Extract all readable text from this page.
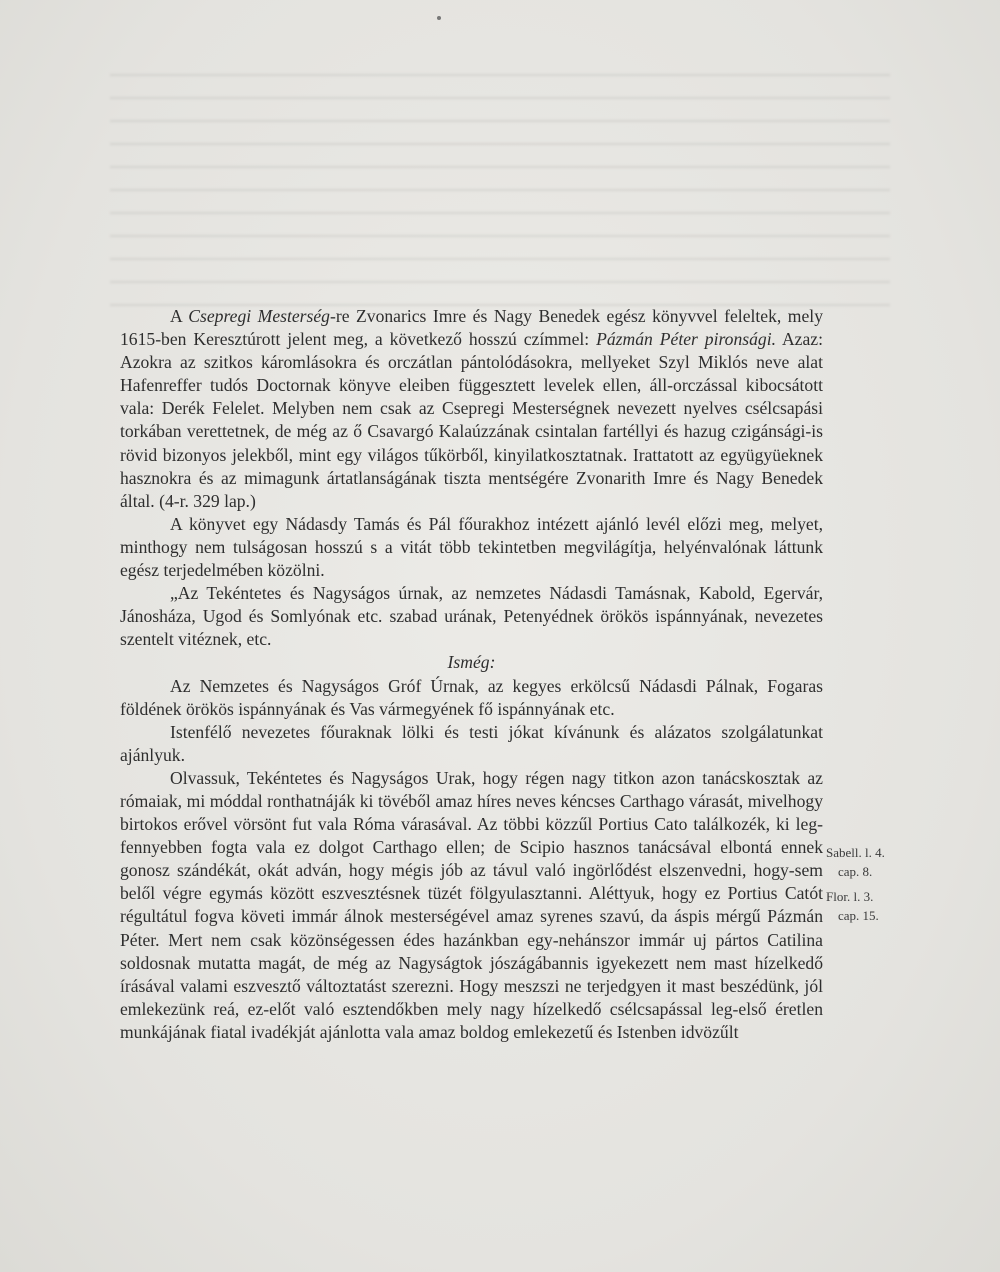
A Csepregi Mesterség-re Zvonarics Imre és Nagy Benedek egész könyvvel feleltek, mely 1615-ben Keresztúrott jelent meg, a következő hosszú czímmel: Pázmán Péter pironsági. Azaz: Azokra az szitkos káromlásokra és orczátlan pántolódásokra, mellyeket Szyl Miklós neve alat Hafenreffer tudós Doctornak könyve eleiben függesztett levelek ellen, áll-orczással kibocsátott vala: Derék Felelet. Melyben nem csak az Csepregi Mesterségnek nevezett nyelves csélcsapási torkában verettetnek, de még az ő Csavargó Kalaúzzának csintalan fartéllyi és hazug czigánsági-is rövid bizonyos jelekből, mint egy világos tűkörből, kinyilatkosztatnak. Irattatott az együgyüeknek hasznokra és az mimagunk ártatlanságának tiszta mentségére Zvonarith Imre és Nagy Benedek által. (4-r. 329 lap.)

A könyvet egy Nádasdy Tamás és Pál főurakhoz intézett ajánló levél előzi meg, melyet, minthogy nem tulságosan hosszú s a vitát több tekintetben megvilágítja, helyénvalónak láttunk egész terjedelmében közölni.

„Az Tekéntetes és Nagyságos úrnak, az nemzetes Nádasdi Tamásnak, Kabold, Egervár, Jánosháza, Ugod és Somlyónak etc. szabad urának, Petenyédnek örökös ispánnyának, nevezetes szentelt vitéznek, etc.

Ismég:

Az Nemzetes és Nagyságos Gróf Úrnak, az kegyes erkölcsű Nádasdi Pálnak, Fogaras földének örökös ispánnyának és Vas vármegyének fő ispánnyának etc.

Istenfélő nevezetes főuraknak lölki és testi jókat kívánunk és alázatos szolgálatunkat ajánlyuk.

Olvassuk, Tekéntetes és Nagyságos Urak, hogy régen nagy titkon azon tanácskosztak az rómaiak, mi móddal ronthatnáják ki tövéből amaz híres neves kéncses Carthago várasát, mivelhogy birtokos erővel vörsönt fut vala Róma várasával. Az többi közzűl Portius Cato találkozék, ki leg-fennyebben fogta vala ez dolgot Carthago ellen; de Scipio hasznos tanácsával elbontá ennek gonosz szándékát, okát adván, hogy mégis jób az távul való ingörlődést elszenvedni, hogy-sem belől végre egymás között eszvesztésnek tüzét fölgyulasztanni. Aléttyuk, hogy ez Portius Catót régultátul fogva követi immár álnok mesterségével amaz syrenes szavú, da áspis mérgű Pázmán Péter. Mert nem csak közönségessen édes hazánkban egy-nehánszor immár uj pártos Catilina soldosnak mutatta magát, de még az Nagyságtok jószágábannis igyekezett nem mast hízelkedő írásával valami eszvesztő változtatást szerezni. Hogy meszszi ne terjedgyen it mast beszédünk, jól emlekezünk reá, ez-előt való esztendőkben mely nagy hízelkedő csélcsapással leg-első éretlen munkájának fiatal ivadékját ajánlotta vala amaz boldog emlekezetű és Istenben idvözűlt

Sabell. l. 4.
cap. 8.
Flor. l. 3.
cap. 15.
